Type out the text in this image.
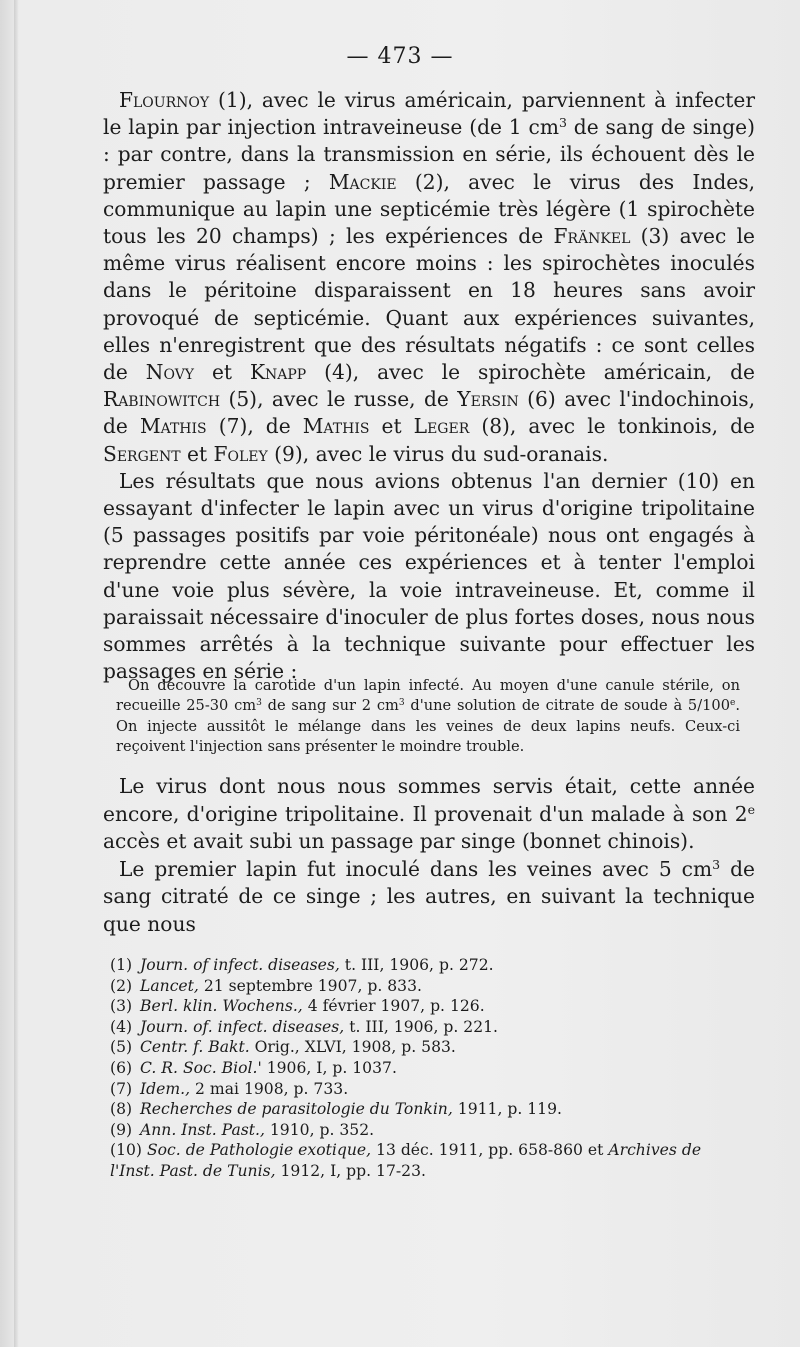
— 473 —

Flournoy (1), avec le virus américain, parviennent à infecter le lapin par injection intraveineuse (de 1 $cm^3$ de sang de singe) : par contre, dans la transmission en série, ils échouent dès le premier passage ; Mackie (2), avec le virus des Indes, communique au lapin une septicémie très légère (1 spirochète tous les 20 champs) ; les expériences de Fränkel (3) avec le même virus réalisent encore moins : les spirochètes inoculés dans le péritoine disparaissent en 18 heures sans avoir provoqué de septicémie. Quant aux expériences suivantes, elles n'enregistrent que des résultats négatifs : ce sont celles de Novy et Knapp (4), avec le spirochète américain, de Rabinowitch (5), avec le russe, de Yersin (6) avec l'indochinois, de Mathis (7), de Mathis et Leger (8), avec le tonkinois, de Sergent et Foley (9), avec le virus du sud-oranais.

Les résultats que nous avions obtenus l'an dernier (10) en essayant d'infecter le lapin avec un virus d'origine tripolitaine (5 passages positifs par voie péritonéale) nous ont engagés à reprendre cette année ces expériences et à tenter l'emploi d'une voie plus sévère, la voie intraveineuse. Et, comme il paraissait nécessaire d'inoculer de plus fortes doses, nous nous sommes arrêtés à la technique suivante pour effectuer les passages en série :

On découvre la carotide d'un lapin infecté. Au moyen d'une canule stérile, on recueille 25-30 $cm^3$ de sang sur 2 $cm^3$ d'une solution de citrate de soude à 5/100e. On injecte aussitôt le mélange dans les veines de deux lapins neufs. Ceux-ci reçoivent l'injection sans présenter le moindre trouble.

Le virus dont nous nous sommes servis était, cette année encore, d'origine tripolitaine. Il provenait d'un malade à son 2e accès et avait subi un passage par singe (bonnet chinois).

Le premier lapin fut inoculé dans les veines avec 5 $cm^3$ de sang citraté de ce singe ; les autres, en suivant la technique que nous

(1) Journ. of infect. diseases, t. III, 1906, p. 272.

(2) Lancet, 21 septembre 1907, p. 833.

(3) Berl. klin. Wochens., 4 février 1907, p. 126.

(4) Journ. of. infect. diseases, t. III, 1906, p. 221.

(5) Centr. f. Bakt. Orig., XLVI, 1908, p. 583.

(6) C. R. Soc. Biol.' 1906, I, p. 1037.

(7) Idem., 2 mai 1908, p. 733.

(8) Recherches de parasitologie du Tonkin, 1911, p. 119.

(9) Ann. Inst. Past., 1910, p. 352.

(10) Soc. de Pathologie exotique, 13 déc. 1911, pp. 658-860 et Archives de l'Inst. Past. de Tunis, 1912, I, pp. 17-23.
